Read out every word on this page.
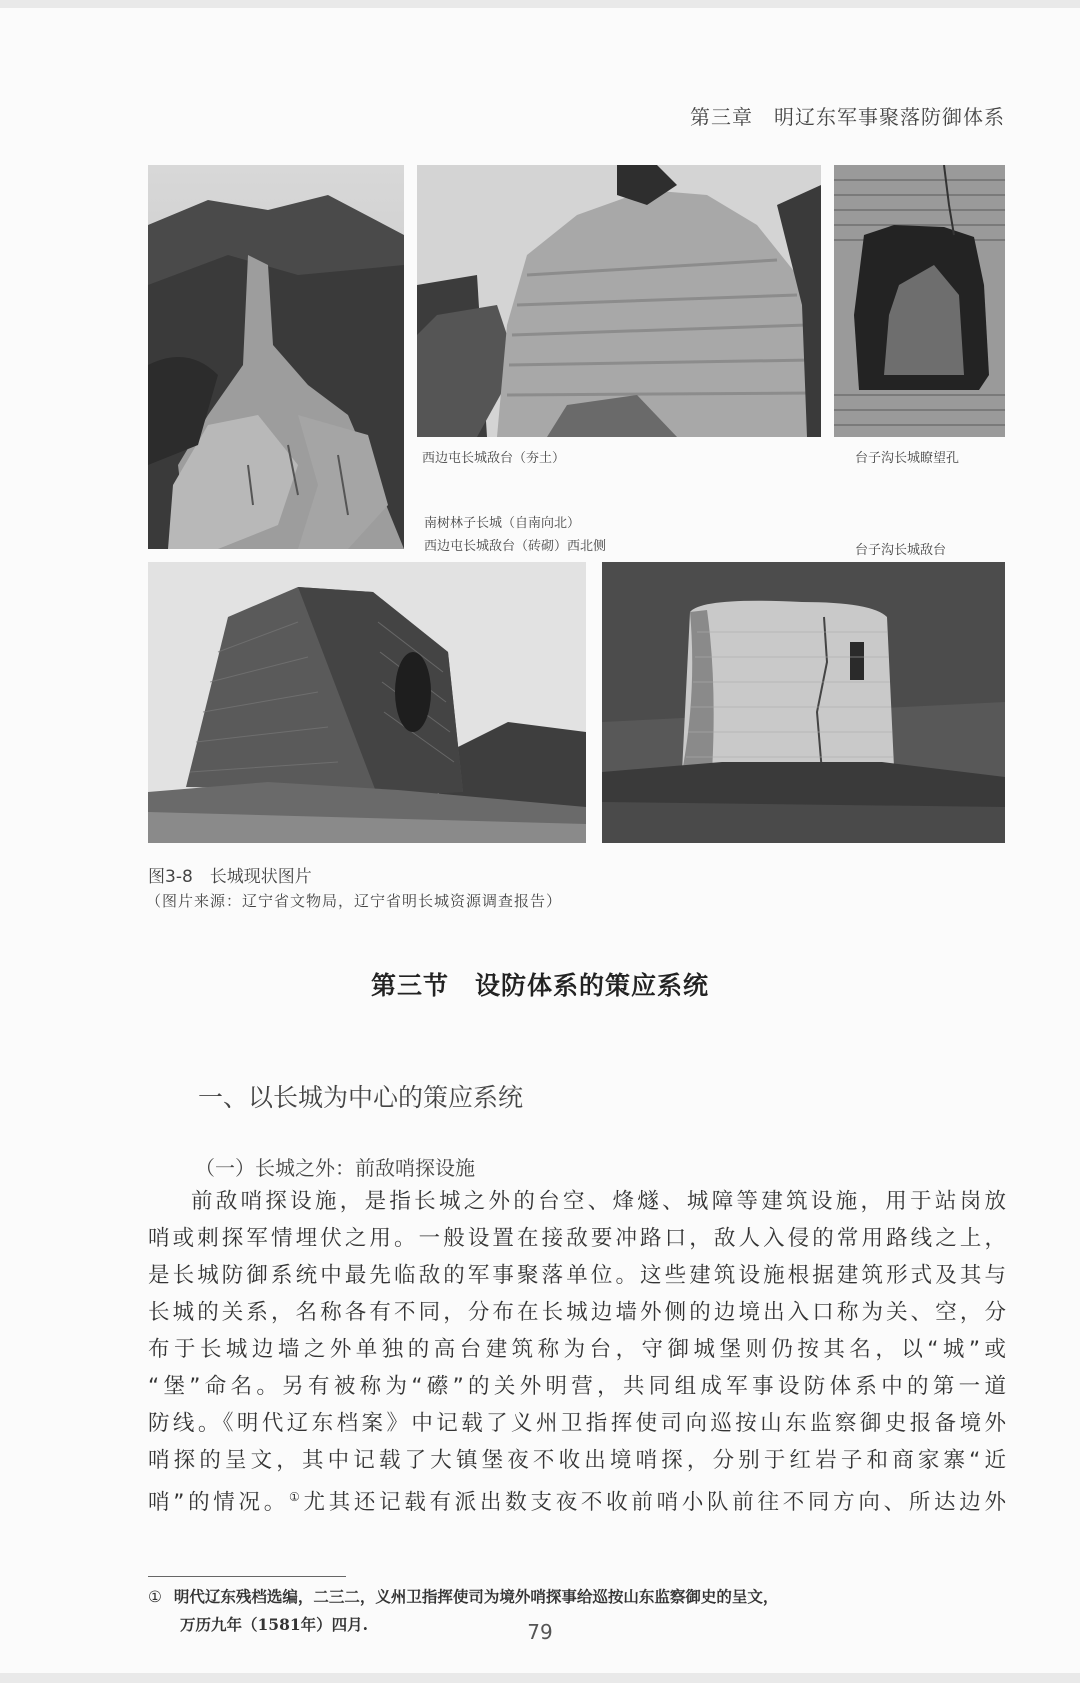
第三章　明辽东军事聚落防御体系
西边屯长城敌台（夯土）	台子沟长城瞭望孔
南树林子长城（自南向北）
西边屯长城敌台（砖砌）西北侧	台子沟长城敌台
图3-8　长城现状图片
（图片来源：辽宁省文物局，辽宁省明长城资源调查报告）
第三节　设防体系的策应系统
一、以长城为中心的策应系统
（一）长城之外：前敌哨探设施
前敌哨探设施，是指长城之外的台空、烽燧、城障等建筑设施，用于站岗放
哨或刺探军情埋伏之用。一般设置在接敌要冲路口，敌人入侵的常用路线之上，
是长城防御系统中最先临敌的军事聚落单位。这些建筑设施根据建筑形式及其与
长城的关系，名称各有不同，分布在长城边墙外侧的边境出入口称为关、空，分
布于长城边墙之外单独的高台建筑称为台，守御城堡则仍按其名，以“城”或
“堡”命名。另有被称为“礤”的关外明营，共同组成军事设防体系中的第一道
防线。《明代辽东档案》中记载了义州卫指挥使司向巡按山东监察御史报备境外
哨探的呈文，其中记载了大镇堡夜不收出境哨探，分别于红岩子和商家寨“近
哨”的情况。①尤其还记载有派出数支夜不收前哨小队前往不同方向、所达边外
① 明代辽东残档选编，二三二，义州卫指挥使司为境外哨探事给巡按山东监察御史的呈文，
万历九年（1581年）四月.	79
